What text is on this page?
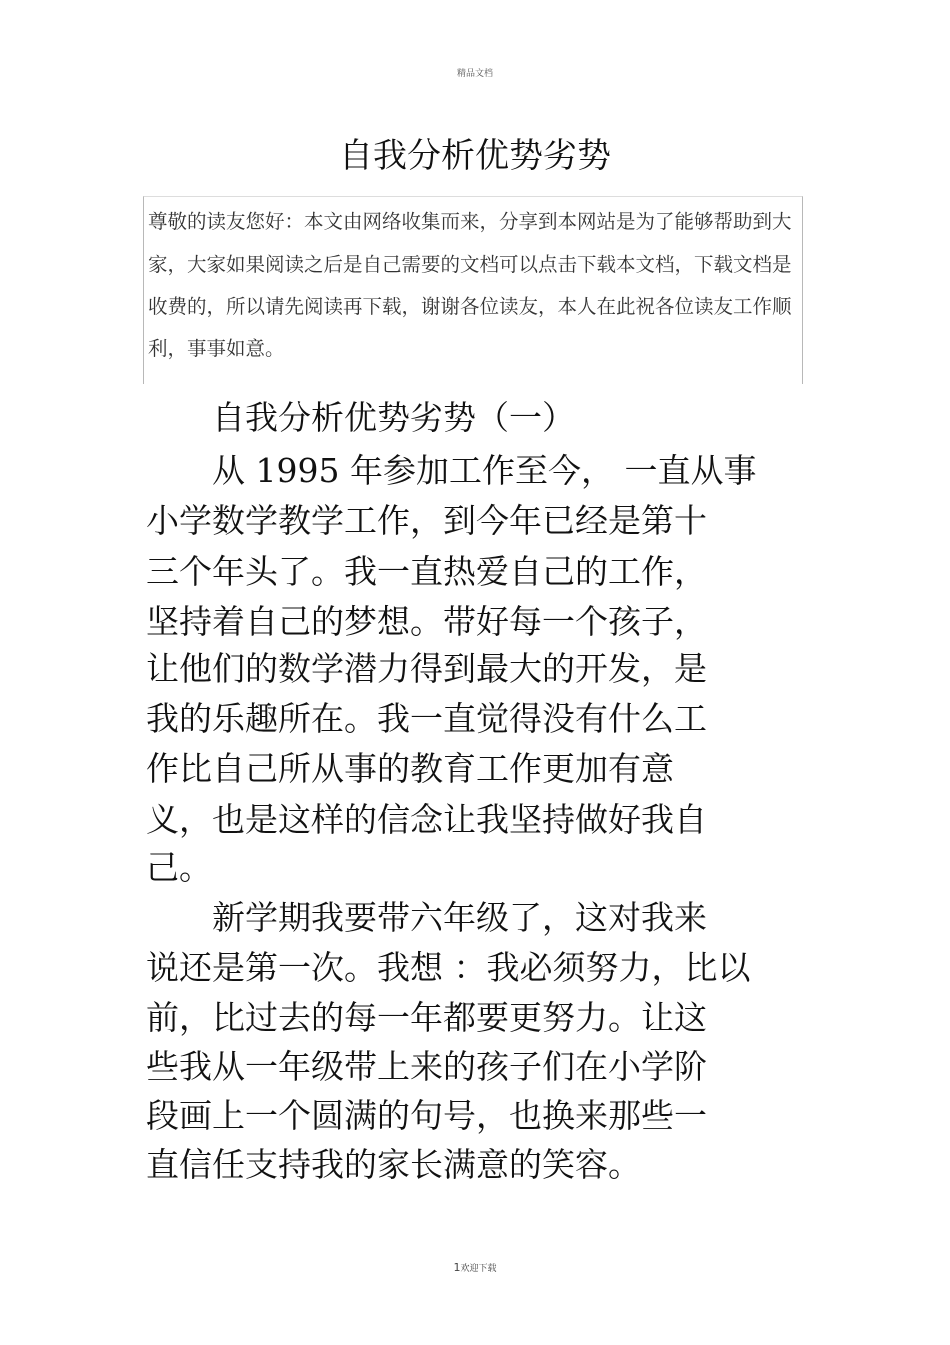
精品文档
自我分析优势劣势
尊敬的读友您好：本文由网络收集而来，分享到本网站是为了能够帮助到大
家，大家如果阅读之后是自己需要的文档可以点击下载本文档，下载文档是
收费的，所以请先阅读再下载，谢谢各位读友，本人在此祝各位读友工作顺
利，事事如意。
　　自我分析优势劣势（一）
　　从 1995 年参加工作至今， 一直从事
小学数学教学工作，到今年已经是第十
三个年头了。我一直热爱自己的工作，
坚持着自己的梦想。带好每一个孩子，
让他们的数学潜力得到最大的开发，是
我的乐趣所在。我一直觉得没有什么工
作比自己所从事的教育工作更加有意
义，也是这样的信念让我坚持做好我自
己。
　　新学期我要带六年级了，这对我来
说还是第一次。我想 ：我必须努力，比以
前，比过去的每一年都要更努力。让这
些我从一年级带上来的孩子们在小学阶
段画上一个圆满的句号，也换来那些一
直信任支持我的家长满意的笑容。
1欢迎下载
